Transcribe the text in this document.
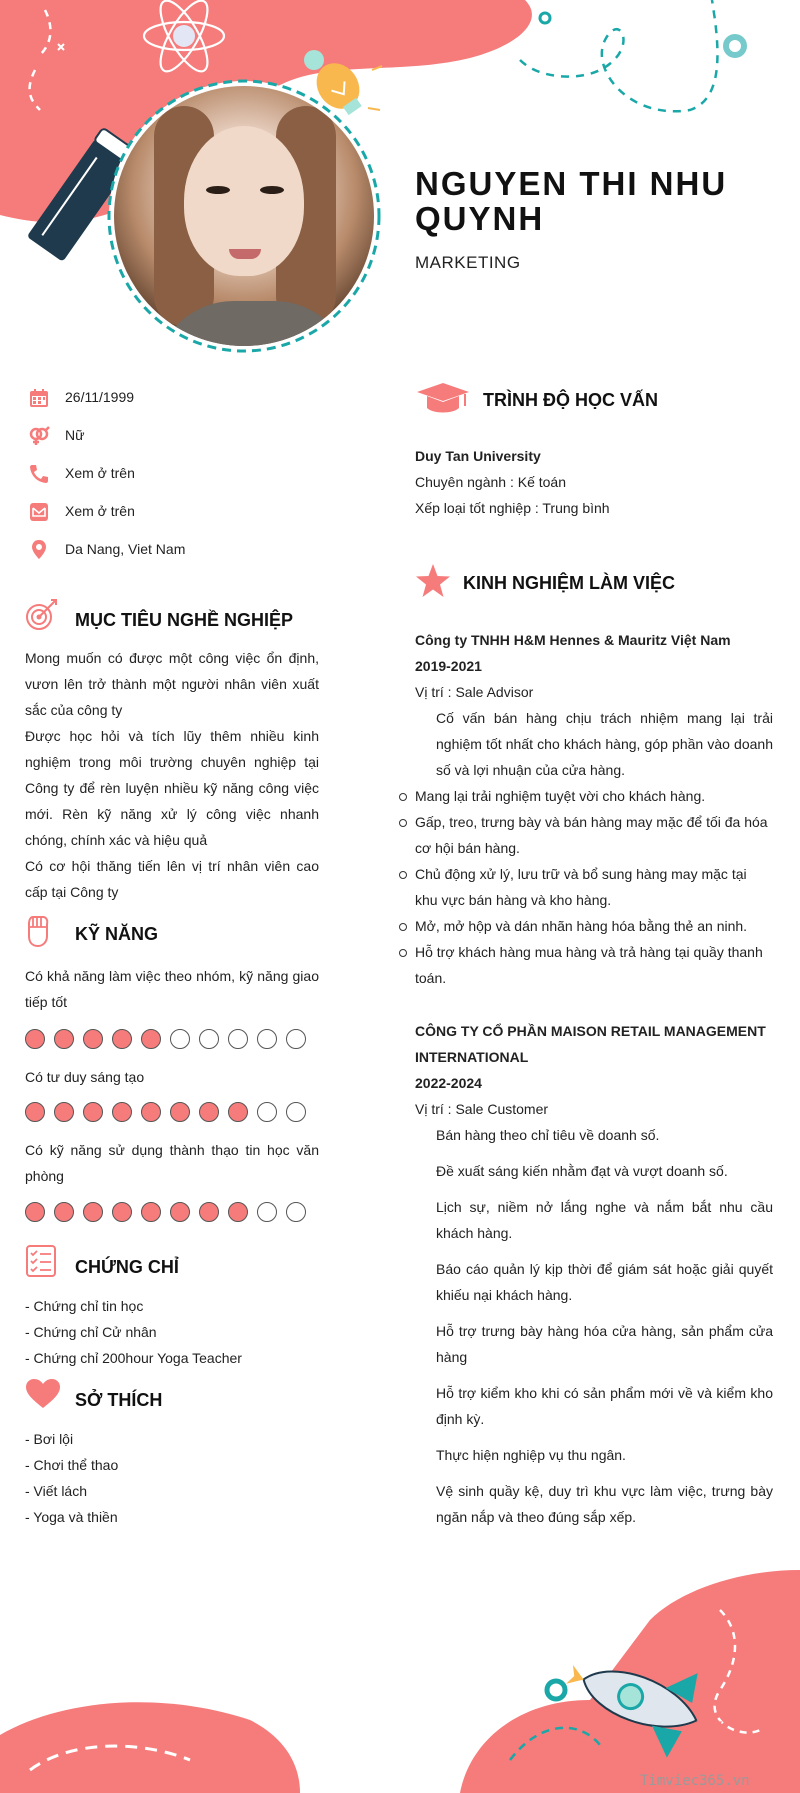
NGUYEN THI NHU QUYNH
MARKETING
26/11/1999
Nữ
Xem ở trên
Xem ở trên
Da Nang, Viet Nam
MỤC TIÊU NGHỀ NGHIỆP

Mong muốn có được một công việc ổn định, vươn lên trở thành một người nhân viên xuất sắc của công ty

Được học hỏi và tích lũy thêm nhiều kinh nghiệm trong môi trường chuyên nghiệp tại Công ty để rèn luyện nhiều kỹ năng công việc mới. Rèn kỹ năng xử lý công việc nhanh chóng, chính xác và hiệu quả

Có cơ hội thăng tiến lên vị trí nhân viên cao cấp tại Công ty

KỸ NĂNG
Có khả năng làm việc theo nhóm, kỹ năng giao tiếp tốt
Có tư duy sáng tạo
Có kỹ năng sử dụng thành thạo tin học văn phòng
CHỨNG CHỈ
- Chứng chỉ tin học
- Chứng chỉ Cử nhân
- Chứng chỉ 200hour Yoga Teacher
SỞ THÍCH
- Bơi lội
- Chơi thể thao
- Viết lách
- Yoga và thiền
TRÌNH ĐỘ HỌC VẤN
Duy Tan University
Chuyên ngành : Kế toán
Xếp loại tốt nghiệp : Trung bình
KINH NGHIỆM LÀM VIỆC
Công ty TNHH H&M Hennes & Mauritz Việt Nam
2019-2021
Vị trí : Sale Advisor
Cố vấn bán hàng chịu trách nhiệm mang lại trải nghiệm tốt nhất cho khách hàng, góp phần vào doanh số và lợi nhuận của cửa hàng.
Mang lại trải nghiệm tuyệt vời cho khách hàng.
Gấp, treo, trưng bày và bán hàng may mặc để tối đa hóa cơ hội bán hàng.
Chủ động xử lý, lưu trữ và bổ sung hàng may mặc tại khu vực bán hàng và kho hàng.
Mở, mở hộp và dán nhãn hàng hóa bằng thẻ an ninh.
Hỗ trợ khách hàng mua hàng và trả hàng tại quầy thanh toán.
CÔNG TY CỔ PHẦN MAISON RETAIL MANAGEMENT INTERNATIONAL
2022-2024
Vị trí : Sale Customer
Bán hàng theo chỉ tiêu về doanh số.
Đề xuất sáng kiến nhằm đạt và vượt doanh số.
Lịch sự, niềm nở lắng nghe và nắm bắt nhu cầu khách hàng.
Báo cáo quản lý kịp thời để giám sát hoặc giải quyết khiếu nại khách hàng.
Hỗ trợ trưng bày hàng hóa cửa hàng, sản phẩm cửa hàng
Hỗ trợ kiểm kho khi có sản phẩm mới về và kiểm kho định kỳ.
Thực hiện nghiệp vụ thu ngân.
Vệ sinh quầy kệ, duy trì khu vực làm việc, trưng bày ngăn nắp và theo đúng sắp xếp.
Timviec365.vn
